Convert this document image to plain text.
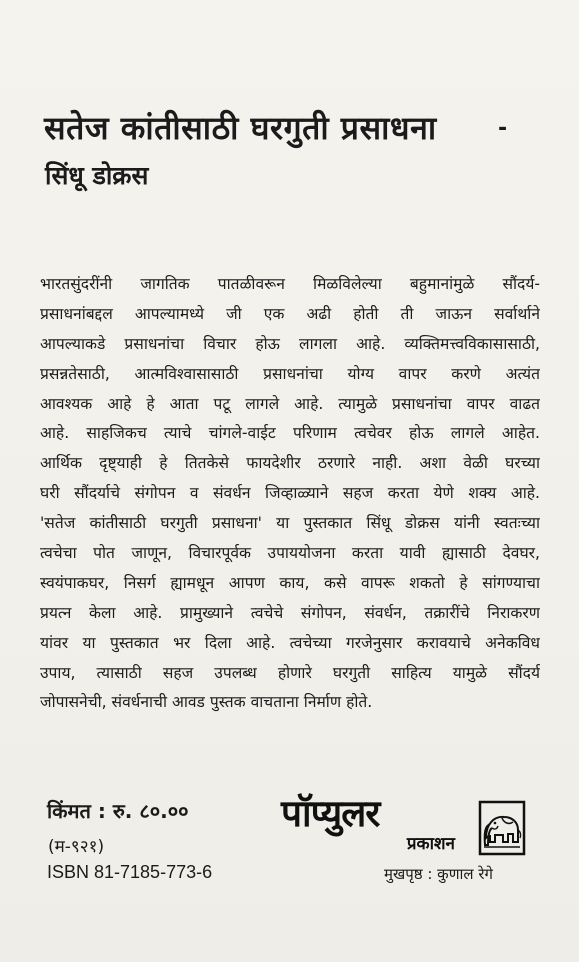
सतेज कांतीसाठी घरगुती प्रसाधना	-
सिंधू डोक्रस
भारतसुंदरींनी जागतिक पातळीवरून मिळविलेल्या बहुमानांमुळे सौंदर्य-
प्रसाधनांबद्दल आपल्यामध्ये जी एक अढी होती ती जाऊन सर्वार्थाने
आपल्याकडे प्रसाधनांचा विचार होऊ लागला आहे. व्यक्तिमत्त्वविकासासाठी,
प्रसन्नतेसाठी, आत्मविश्वासासाठी प्रसाधनांचा योग्य वापर करणे अत्यंत
आवश्यक आहे हे आता पटू लागले आहे. त्यामुळे प्रसाधनांचा वापर वाढत
आहे. साहजिकच त्याचे चांगले-वाईट परिणाम त्वचेवर होऊ लागले आहेत.
आर्थिक दृष्ट्याही हे तितकेसे फायदेशीर ठरणारे नाही. अशा वेळी घरच्या
घरी सौंदर्याचे संगोपन व संवर्धन जिव्हाळ्याने सहज करता येणे शक्य आहे.
'सतेज कांतीसाठी घरगुती प्रसाधना' या पुस्तकात सिंधू डोक्रस यांनी स्वतःच्या
त्वचेचा पोत जाणून, विचारपूर्वक उपाययोजना करता यावी ह्यासाठी देवघर,
स्वयंपाकघर, निसर्ग ह्यामधून आपण काय, कसे वापरू शकतो हे सांगण्याचा
प्रयत्न केला आहे. प्रामुख्याने त्वचेचे संगोपन, संवर्धन, तक्रारींचे निराकरण
यांवर या पुस्तकात भर दिला आहे. त्वचेच्या गरजेनुसार करावयाचे अनेकविध
उपाय, त्यासाठी सहज उपलब्ध होणारे घरगुती साहित्य यामुळे सौंदर्य
जोपासनेची, संवर्धनाची आवड पुस्तक वाचताना निर्माण होते.
किंमत : रु. ८०.००
(म-९२१)
ISBN 81-7185-773-6
पॉप्युलर
प्रकाशन
मुखपृष्ठ : कुणाल रेगे
